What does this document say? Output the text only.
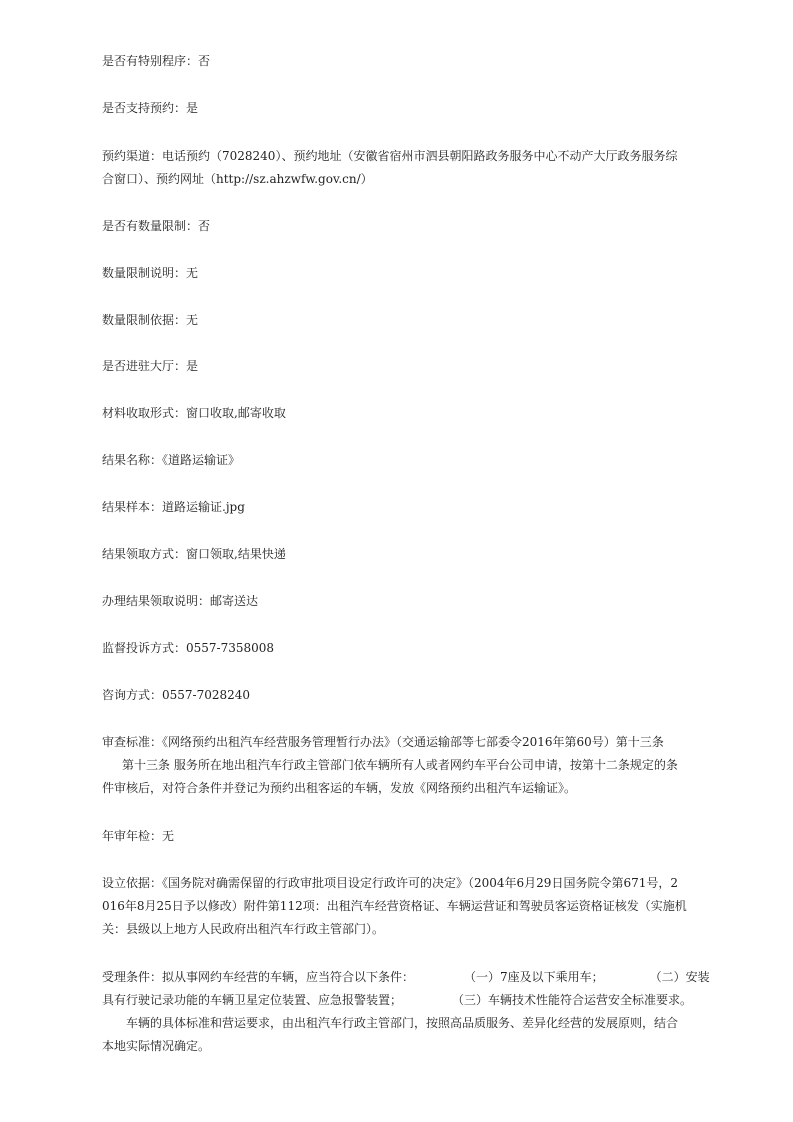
是否有特别程序：否

是否支持预约：是

预约渠道：电话预约（7028240）、预约地址（安徽省宿州市泗县朝阳路政务服务中心不动产大厅政务服务综
合窗口）、预约网址（http://sz.ahzwfw.gov.cn/）

是否有数量限制：否

数量限制说明：无

数量限制依据：无

是否进驻大厅：是

材料收取形式：窗口收取,邮寄收取

结果名称：《道路运输证》

结果样本：道路运输证.jpg

结果领取方式：窗口领取,结果快递

办理结果领取说明：邮寄送达

监督投诉方式：0557-7358008

咨询方式：0557-7028240

审查标准：《网络预约出租汽车经营服务管理暂行办法》（交通运输部等七部委令2016年第60号）第十三条
第十三条 服务所在地出租汽车行政主管部门依车辆所有人或者网约车平台公司申请，按第十二条规定的条
件审核后，对符合条件并登记为预约出租客运的车辆，发放《网络预约出租汽车运输证》。

年审年检：无

设立依据：《国务院对确需保留的行政审批项目设定行政许可的决定》（2004年6月29日国务院令第671号，2
016年8月25日予以修改）附件第112项：出租汽车经营资格证、车辆运营证和驾驶员客运资格证核发（实施机
关：县级以上地方人民政府出租汽车行政主管部门）。
受理条件：拟从事网约车经营的车辆，应当符合以下条件：	（一）7座及以下乘用车；	（二）安装
具有行驶记录功能的车辆卫星定位装置、应急报警装置；	（三）车辆技术性能符合运营安全标准要求。
车辆的具体标准和营运要求，由出租汽车行政主管部门，按照高品质服务、差异化经营的发展原则，结合
本地实际情况确定。
